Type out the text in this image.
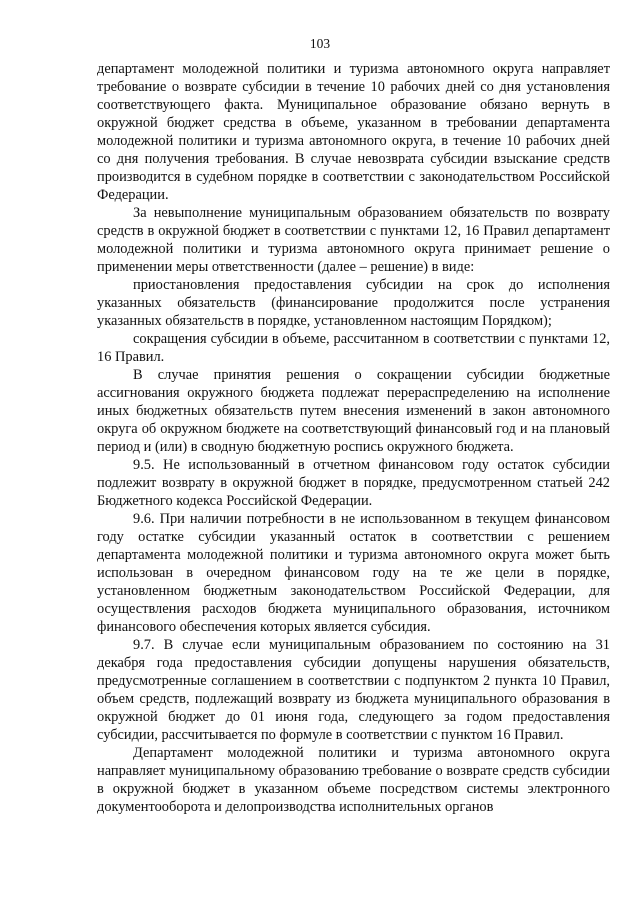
103

департамент молодежной политики и туризма автономного округа направляет требование о возврате субсидии в течение 10 рабочих дней со дня установления соответствующего факта. Муниципальное образование обязано вернуть в окружной бюджет средства в объеме, указанном в требовании департамента молодежной политики и туризма автономного округа, в течение 10 рабочих дней со дня получения требования. В случае невозврата субсидии взыскание средств производится в судебном порядке в соответствии с законодательством Российской Федерации.

За невыполнение муниципальным образованием обязательств по возврату средств в окружной бюджет в соответствии с пунктами 12, 16 Правил департамент молодежной политики и туризма автономного округа принимает решение о применении меры ответственности (далее – решение) в виде:

приостановления предоставления субсидии на срок до исполнения указанных обязательств (финансирование продолжится после устранения указанных обязательств в порядке, установленном настоящим Порядком);

сокращения субсидии в объеме, рассчитанном в соответствии с пунктами 12, 16 Правил.

В случае принятия решения о сокращении субсидии бюджетные ассигнования окружного бюджета подлежат перераспределению на исполнение иных бюджетных обязательств путем внесения изменений в закон автономного округа об окружном бюджете на соответствующий финансовый год и на плановый период и (или) в сводную бюджетную роспись окружного бюджета.

9.5. Не использованный в отчетном финансовом году остаток субсидии подлежит возврату в окружной бюджет в порядке, предусмотренном статьей 242 Бюджетного кодекса Российской Федерации.

9.6. При наличии потребности в не использованном в текущем финансовом году остатке субсидии указанный остаток в соответствии с решением департамента молодежной политики и туризма автономного округа может быть использован в очередном финансовом году на те же цели в порядке, установленном бюджетным законодательством Российской Федерации, для осуществления расходов бюджета муниципального образования, источником финансового обеспечения которых является субсидия.

9.7. В случае если муниципальным образованием по состоянию на 31 декабря года предоставления субсидии допущены нарушения обязательств, предусмотренные соглашением в соответствии с подпунктом 2 пункта 10 Правил, объем средств, подлежащий возврату из бюджета муниципального образования в окружной бюджет до 01 июня года, следующего за годом предоставления субсидии, рассчитывается по формуле в соответствии с пунктом 16 Правил.

Департамент молодежной политики и туризма автономного округа направляет муниципальному образованию требование о возврате средств субсидии в окружной бюджет в указанном объеме посредством системы электронного документооборота и делопроизводства исполнительных органов
